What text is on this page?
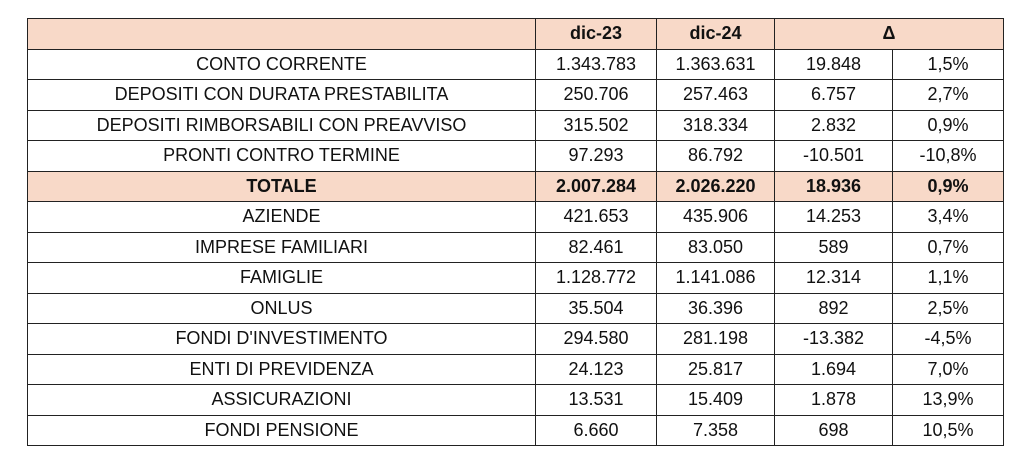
	dic-23	dic-24	Δ	
CONTO CORRENTE	1.343.783	1.363.631	19.848	1,5%
DEPOSITI CON DURATA PRESTABILITA	250.706	257.463	6.757	2,7%
DEPOSITI RIMBORSABILI CON PREAVVISO	315.502	318.334	2.832	0,9%
PRONTI CONTRO TERMINE	97.293	86.792	-10.501	-10,8%
TOTALE	2.007.284	2.026.220	18.936	0,9%
AZIENDE	421.653	435.906	14.253	3,4%
IMPRESE FAMILIARI	82.461	83.050	589	0,7%
FAMIGLIE	1.128.772	1.141.086	12.314	1,1%
ONLUS	35.504	36.396	892	2,5%
FONDI D'INVESTIMENTO	294.580	281.198	-13.382	-4,5%
ENTI DI PREVIDENZA	24.123	25.817	1.694	7,0%
ASSICURAZIONI	13.531	15.409	1.878	13,9%
FONDI PENSIONE	6.660	7.358	698	10,5%
